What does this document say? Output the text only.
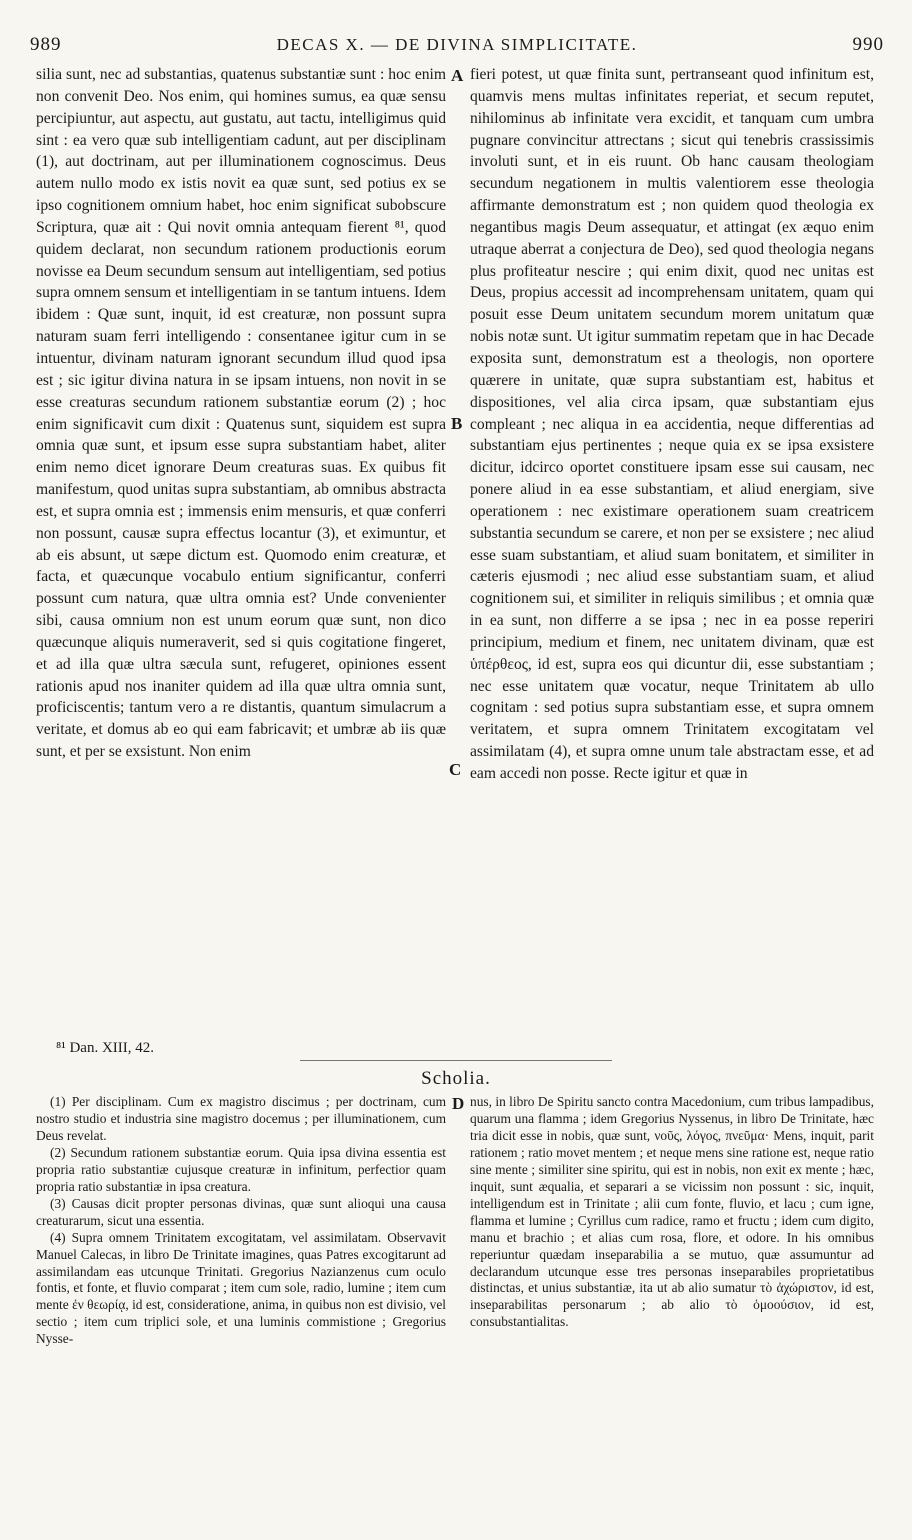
989	DECAS X. — DE DIVINA SIMPLICITATE.	990

silia sunt, nec ad substantias, quatenus substantiæ sunt : hoc enim non convenit Deo. Nos enim, qui homines sumus, ea quæ sensu percipiuntur, aut aspectu, aut gustatu, aut tactu, intelligimus quid sint : ea vero quæ sub intelligentiam cadunt, aut per disciplinam (1), aut doctrinam, aut per illuminationem cognoscimus. Deus autem nullo modo ex istis novit ea quæ sunt, sed potius ex se ipso cognitionem omnium habet, hoc enim significat subobscure Scriptura, quæ ait : Qui novit omnia antequam fierent ⁸¹, quod quidem declarat, non secundum rationem productionis eorum novisse ea Deum secundum sensum aut intelligentiam, sed potius supra omnem sensum et intelligentiam in se tantum intuens. Idem ibidem : Quæ sunt, inquit, id est creaturæ, non possunt supra naturam suam ferri intelligendo : consentanee igitur cum in se intuentur, divinam naturam ignorant secundum illud quod ipsa est ; sic igitur divina natura in se ipsam intuens, non novit in se esse creaturas secundum rationem substantiæ eorum (2) ; hoc enim significavit cum dixit : Quatenus sunt, siquidem est supra omnia quæ sunt, et ipsum esse supra substantiam habet, aliter enim nemo dicet ignorare Deum creaturas suas. Ex quibus fit manifestum, quod unitas supra substantiam, ab omnibus abstracta est, et supra omnia est ; immensis enim mensuris, et quæ conferri non possunt, causæ supra effectus locantur (3), et eximuntur, et ab eis absunt, ut sæpe dictum est. Quomodo enim creaturæ, et facta, et quæcunque vocabulo entium significantur, conferri possunt cum natura, quæ ultra omnia est? Unde convenienter sibi, causa omnium non est unum eorum quæ sunt, non dico quæcunque aliquis numeraverit, sed si quis cogitatione fingeret, et ad illa quæ ultra sæcula sunt, refugeret, opiniones essent rationis apud nos inaniter quidem ad illa quæ ultra omnia sunt, proficiscentis; tantum vero a re distantis, quantum simulacrum a veritate, et domus ab eo qui eam fabricavit; et umbræ ab iis quæ sunt, et per se exsistunt. Non enim

fieri potest, ut quæ finita sunt, pertranseant quod infinitum est, quamvis mens multas infinitates reperiat, et secum reputet, nihilominus ab infinitate vera excidit, et tanquam cum umbra pugnare convincitur attrectans ; sicut qui tenebris crassissimis involuti sunt, et in eis ruunt. Ob hanc causam theologiam secundum negationem in multis valentiorem esse theologia affirmante demonstratum est ; non quidem quod theologia ex negantibus magis Deum assequatur, et attingat (ex æquo enim utraque aberrat a conjectura de Deo), sed quod theologia negans plus profiteatur nescire ; qui enim dixit, quod nec unitas est Deus, propius accessit ad incomprehensam unitatem, quam qui posuit esse Deum unitatem secundum morem unitatum quæ nobis notæ sunt. Ut igitur summatim repetam que in hac Decade exposita sunt, demonstratum est a theologis, non oportere quærere in unitate, quæ supra substantiam est, habitus et dispositiones, vel alia circa ipsam, quæ substantiam ejus compleant ; nec aliqua in ea accidentia, neque differentias ad substantiam ejus pertinentes ; neque quia ex se ipsa exsistere dicitur, idcirco oportet constituere ipsam esse sui causam, nec ponere aliud in ea esse substantiam, et aliud energiam, sive operationem : nec existimare operationem suam creatricem substantia secundum se carere, et non per se exsistere ; nec aliud esse suam substantiam, et aliud suam bonitatem, et similiter in cæteris ejusmodi ; nec aliud esse substantiam suam, et aliud cognitionem sui, et similiter in reliquis similibus ; et omnia quæ in ea sunt, non differre a se ipsa ; nec in ea posse reperiri principium, medium et finem, nec unitatem divinam, quæ est ὑπέρθεος, id est, supra eos qui dicuntur dii, esse substantiam ; nec esse unitatem quæ vocatur, neque Trinitatem ab ullo cognitam : sed potius supra substantiam esse, et supra omnem veritatem, et supra omnem Trinitatem excogitatam vel assimilatam (4), et supra omne unum tale abstractam esse, et ad eam accedi non posse. Recte igitur et quæ in

A
B
C
D
⁸¹ Dan. XIII, 42.
Scholia.

(1) Per disciplinam. Cum ex magistro discimus ; per doctrinam, cum nostro studio et industria sine magistro docemus ; per illuminationem, cum Deus revelat.

(2) Secundum rationem substantiæ eorum. Quia ipsa divina essentia est propria ratio substantiæ cujusque creaturæ in infinitum, perfectior quam propria ratio substantiæ in ipsa creatura.

(3) Causas dicit propter personas divinas, quæ sunt alioqui una causa creaturarum, sicut una essentia.

(4) Supra omnem Trinitatem excogitatam, vel assimilatam. Observavit Manuel Calecas, in libro De Trinitate imagines, quas Patres excogitarunt ad assimilandam eas utcunque Trinitati. Gregorius Nazianzenus cum oculo fontis, et fonte, et fluvio comparat ; item cum sole, radio, lumine ; item cum mente ἐν θεωρίᾳ, id est, consideratione, anima, in quibus non est divisio, vel sectio ; item cum triplici sole, et una luminis commistione ; Gregorius Nysse-

nus, in libro De Spiritu sancto contra Macedonium, cum tribus lampadibus, quarum una flamma ; idem Gregorius Nyssenus, in libro De Trinitate, hæc tria dicit esse in nobis, quæ sunt, νοῦς, λόγος, πνεῦμα· Mens, inquit, parit rationem ; ratio movet mentem ; et neque mens sine ratione est, neque ratio sine mente ; similiter sine spiritu, qui est in nobis, non exit ex mente ; hæc, inquit, sunt æqualia, et separari a se vicissim non possunt : sic, inquit, intelligendum est in Trinitate ; alii cum fonte, fluvio, et lacu ; cum igne, flamma et lumine ; Cyrillus cum radice, ramo et fructu ; idem cum digito, manu et brachio ; et alias cum rosa, flore, et odore. In his omnibus reperiuntur quædam inseparabilia a se mutuo, quæ assumuntur ad declarandum utcunque esse tres personas inseparabiles proprietatibus distinctas, et unius substantiæ, ita ut ab alio sumatur τὸ ἀχώριστον, id est, inseparabilitas personarum ; ab alio τὸ ὁμοούσιον, id est, consubstantialitas.
